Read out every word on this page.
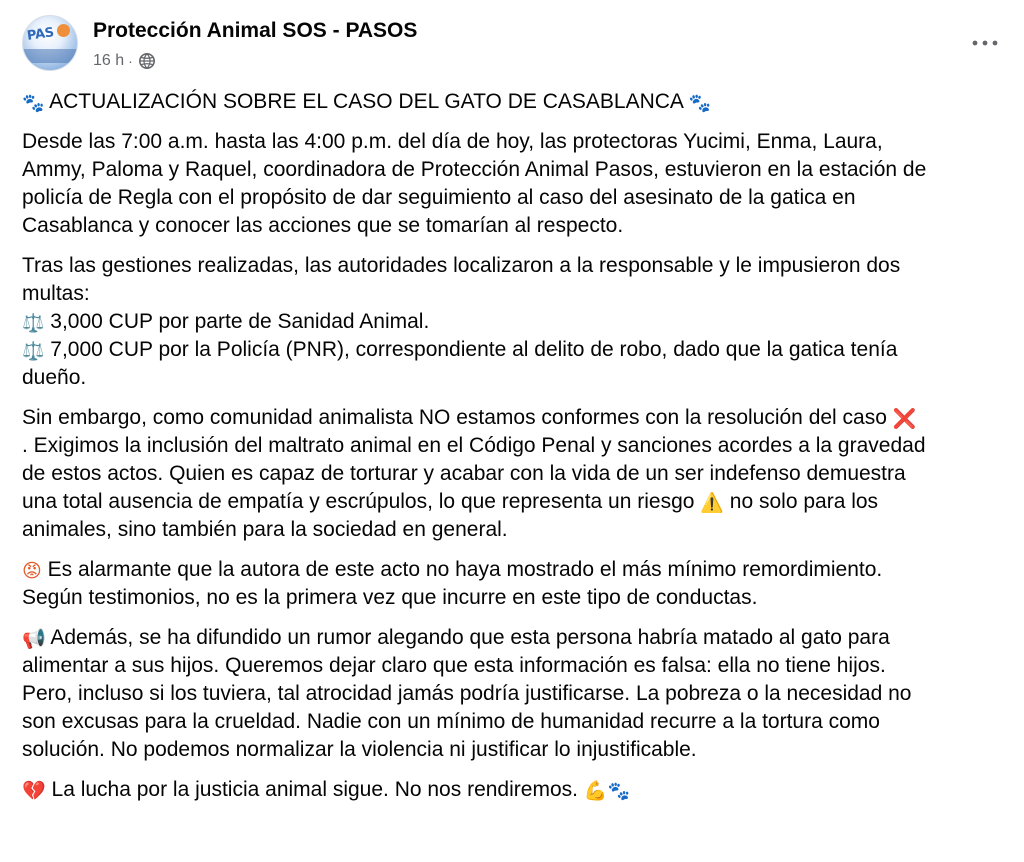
PAS Protección Animal SOS - PASOS
16 h ·
🐾 ACTUALIZACIÓN SOBRE EL CASO DEL GATO DE CASABLANCA 🐾
Desde las 7:00 a.m. hasta las 4:00 p.m. del día de hoy, las protectoras Yucimi, Enma, Laura,
Ammy, Paloma y Raquel, coordinadora de Protección Animal Pasos, estuvieron en la estación de
policía de Regla con el propósito de dar seguimiento al caso del asesinato de la gatica en
Casablanca y conocer las acciones que se tomarían al respecto.
Tras las gestiones realizadas, las autoridades localizaron a la responsable y le impusieron dos
multas:
⚖️ 3,000 CUP por parte de Sanidad Animal.
⚖️ 7,000 CUP por la Policía (PNR), correspondiente al delito de robo, dado que la gatica tenía
dueño.
Sin embargo, como comunidad animalista NO estamos conformes con la resolución del caso ❌
. Exigimos la inclusión del maltrato animal en el Código Penal y sanciones acordes a la gravedad
de estos actos. Quien es capaz de torturar y acabar con la vida de un ser indefenso demuestra
una total ausencia de empatía y escrúpulos, lo que representa un riesgo ⚠️ no solo para los
animales, sino también para la sociedad en general.
😡 Es alarmante que la autora de este acto no haya mostrado el más mínimo remordimiento.
Según testimonios, no es la primera vez que incurre en este tipo de conductas.
📢 Además, se ha difundido un rumor alegando que esta persona habría matado al gato para
alimentar a sus hijos. Queremos dejar claro que esta información es falsa: ella no tiene hijos.
Pero, incluso si los tuviera, tal atrocidad jamás podría justificarse. La pobreza o la necesidad no
son excusas para la crueldad. Nadie con un mínimo de humanidad recurre a la tortura como
solución. No podemos normalizar la violencia ni justificar lo injustificable.
💔 La lucha por la justicia animal sigue. No nos rendiremos. 💪🐾
